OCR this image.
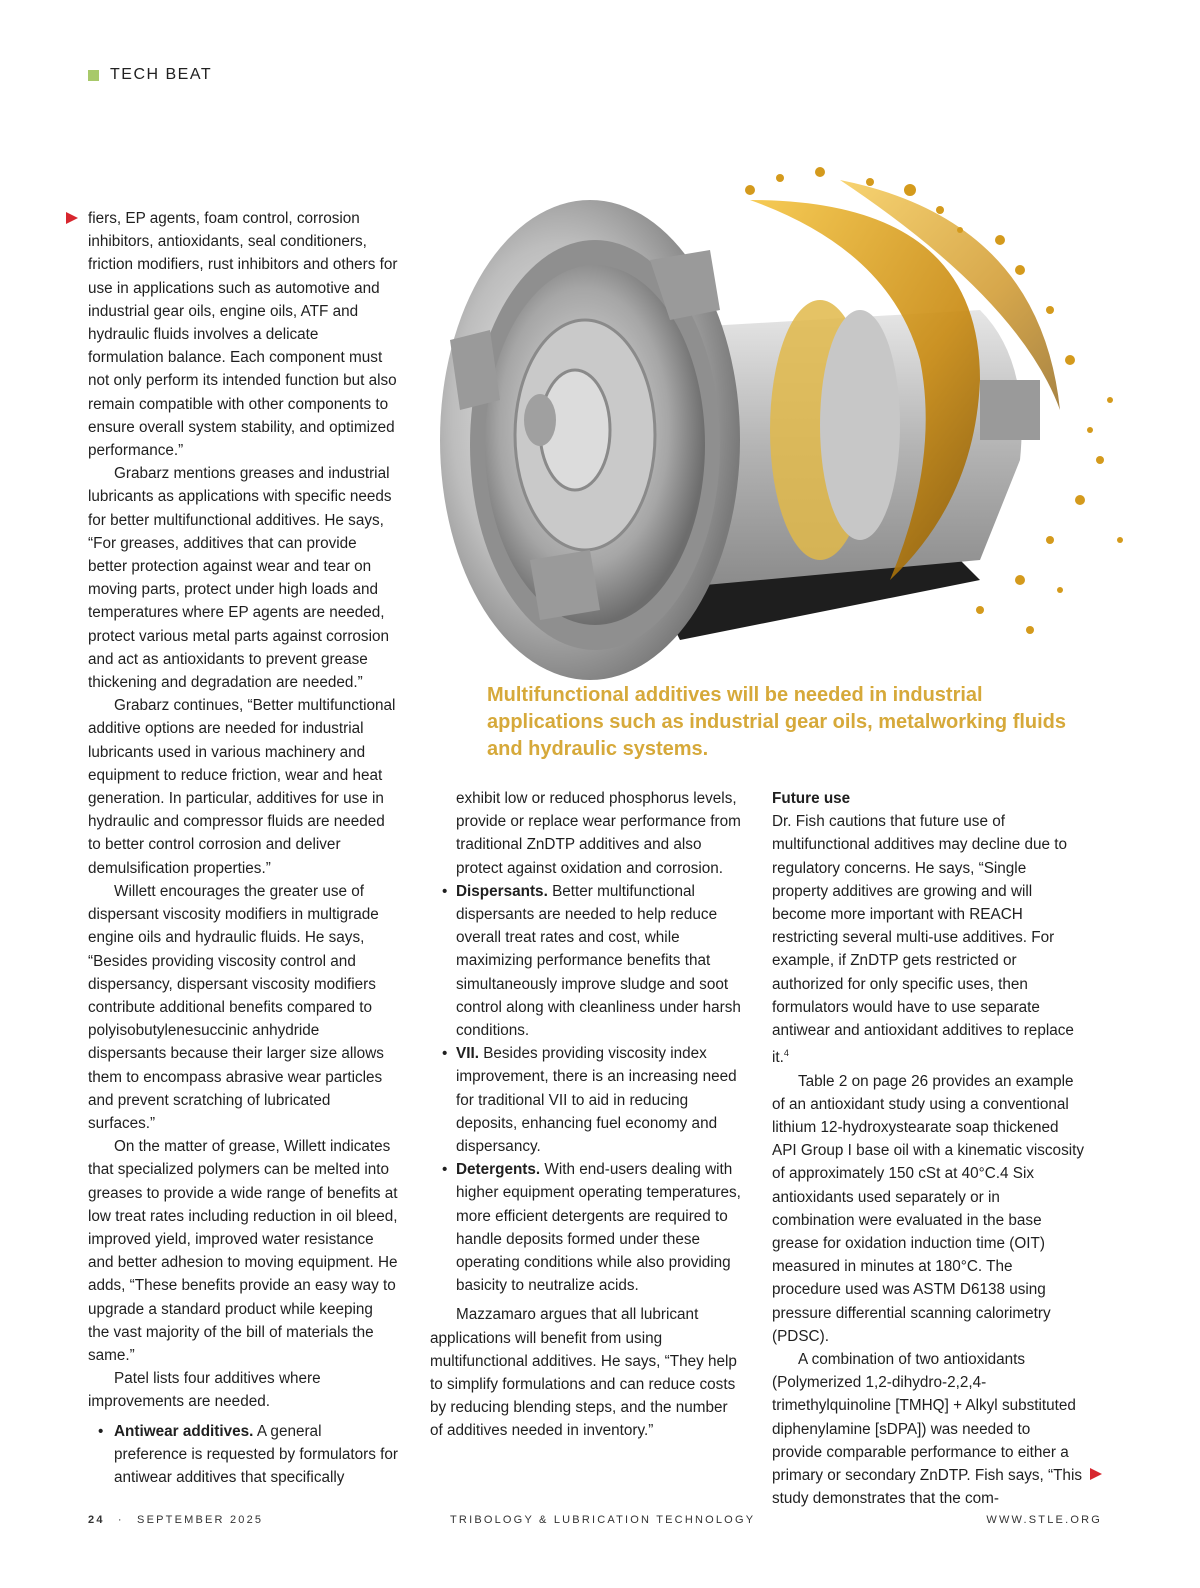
TECH BEAT
Multifunctional additives will be needed in industrial applications such as industrial gear oils, metalworking fluids and hydraulic systems.

fiers, EP agents, foam control, corrosion inhibitors, antioxidants, seal conditioners, friction modifiers, rust inhibitors and others for use in applications such as automotive and industrial gear oils, engine oils, ATF and hydraulic fluids involves a delicate formulation balance. Each component must not only perform its intended function but also remain compatible with other components to ensure overall system stability, and optimized performance.”

Grabarz mentions greases and industrial lubricants as applications with specific needs for better multifunctional additives. He says, “For greases, additives that can provide better protection against wear and tear on moving parts, protect under high loads and temperatures where EP agents are needed, protect various metal parts against corrosion and act as antioxidants to prevent grease thickening and degradation are needed.”

Grabarz continues, “Better multifunctional additive options are needed for industrial lubricants used in various machinery and equipment to reduce friction, wear and heat generation. In particular, additives for use in hydraulic and compressor fluids are needed to better control corrosion and deliver demulsification properties.”

Willett encourages the greater use of dispersant viscosity modifiers in multigrade engine oils and hydraulic fluids. He says, “Besides providing viscosity control and dispersancy, dispersant viscosity modifiers contribute additional benefits compared to polyisobutylenesuccinic anhydride dispersants because their larger size allows them to encompass abrasive wear particles and prevent scratching of lubricated surfaces.”

On the matter of grease, Willett indicates that specialized polymers can be melted into greases to provide a wide range of benefits at low treat rates including reduction in oil bleed, improved yield, improved water resistance and better adhesion to moving equipment. He adds, “These benefits provide an easy way to upgrade a standard product while keeping the vast majority of the bill of materials the same.”

Patel lists four additives where improvements are needed.

• Antiwear additives. A general preference is requested by formulators for antiwear additives that specifically

exhibit low or reduced phosphorus levels, provide or replace wear performance from traditional ZnDTP additives and also protect against oxidation and corrosion.

• Dispersants. Better multifunctional dispersants are needed to help reduce overall treat rates and cost, while maximizing performance benefits that simultaneously improve sludge and soot control along with cleanliness under harsh conditions.
• VII. Besides providing viscosity index improvement, there is an increasing need for traditional VII to aid in reducing deposits, enhancing fuel economy and dispersancy.
• Detergents. With end-users dealing with higher equipment operating temperatures, more efficient detergents are required to handle deposits formed under these operating conditions while also providing basicity to neutralize acids.

Mazzamaro argues that all lubricant applications will benefit from using multifunctional additives. He says, “They help to simplify formulations and can reduce costs by reducing blending steps, and the number of additives needed in inventory.”

Future use

Dr. Fish cautions that future use of multifunctional additives may decline due to regulatory concerns. He says, “Single property additives are growing and will become more important with REACH restricting several multi-use additives. For example, if ZnDTP gets restricted or authorized for only specific uses, then formulators would have to use separate antiwear and antioxidant additives to replace it.$^4$

Table 2 on page 26 provides an example of an antioxidant study using a conventional lithium 12-hydroxystearate soap thickened API Group I base oil with a kinematic viscosity of approximately 150 cSt at 40°C.4 Six antioxidants used separately or in combination were evaluated in the base grease for oxidation induction time (OIT) measured in minutes at 180°C. The procedure used was ASTM D6138 using pressure differential scanning calorimetry (PDSC).

A combination of two antioxidants (Polymerized 1,2-dihydro-2,2,4-trimethylquinoline [TMHQ] + Alkyl substituted diphenylamine [sDPA]) was needed to provide comparable performance to either a primary or secondary ZnDTP. Fish says, “This study demonstrates that the com-

24 · SEPTEMBER 2025	TRIBOLOGY & LUBRICATION TECHNOLOGY	WWW.STLE.ORG
